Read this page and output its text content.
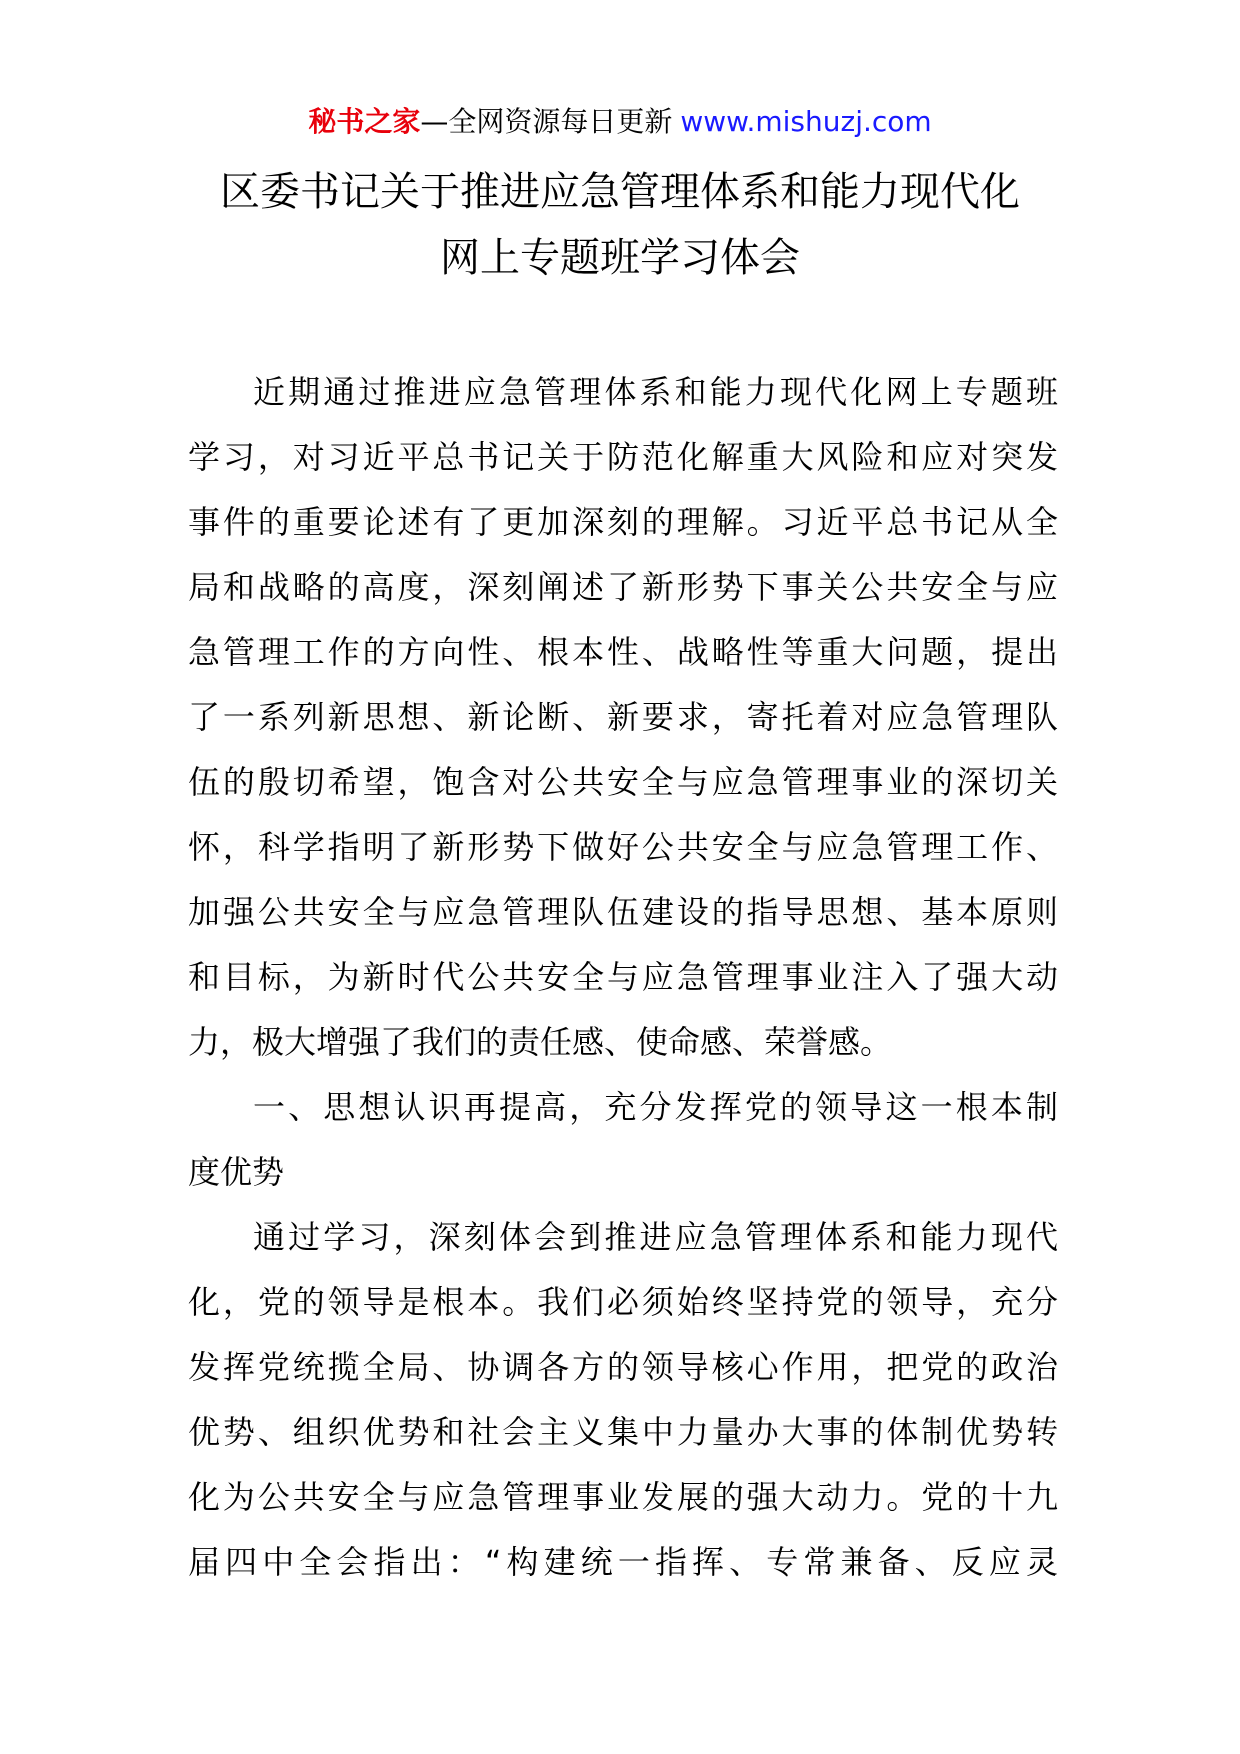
秘书之家—全网资源每日更新 www.mishuzj.com
区委书记关于推进应急管理体系和能力现代化
网上专题班学习体会
近期通过推进应急管理体系和能力现代化网上专题班
学习，对习近平总书记关于防范化解重大风险和应对突发
事件的重要论述有了更加深刻的理解。习近平总书记从全
局和战略的高度，深刻阐述了新形势下事关公共安全与应
急管理工作的方向性、根本性、战略性等重大问题，提出
了一系列新思想、新论断、新要求，寄托着对应急管理队
伍的殷切希望，饱含对公共安全与应急管理事业的深切关
怀，科学指明了新形势下做好公共安全与应急管理工作、
加强公共安全与应急管理队伍建设的指导思想、基本原则
和目标，为新时代公共安全与应急管理事业注入了强大动
力，极大增强了我们的责任感、使命感、荣誉感。
一、思想认识再提高，充分发挥党的领导这一根本制
度优势
通过学习，深刻体会到推进应急管理体系和能力现代
化，党的领导是根本。我们必须始终坚持党的领导，充分
发挥党统揽全局、协调各方的领导核心作用，把党的政治
优势、组织优势和社会主义集中力量办大事的体制优势转
化为公共安全与应急管理事业发展的强大动力。党的十九
届四中全会指出：“构建统一指挥、专常兼备、反应灵
